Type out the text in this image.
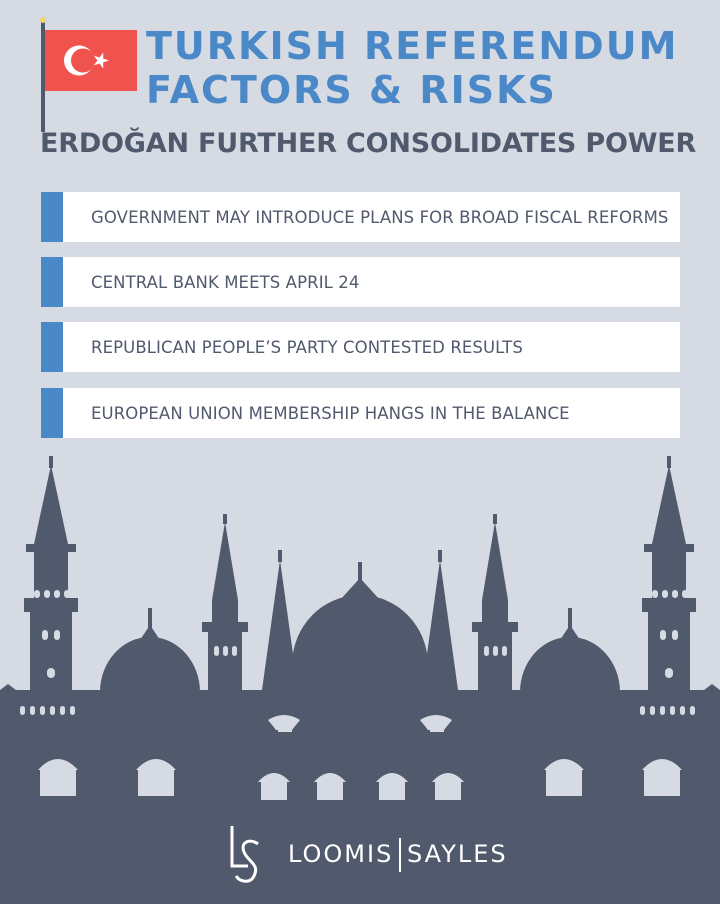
TURKISH REFERENDUM
FACTORS & RISKS
ERDOĞAN FURTHER CONSOLIDATES POWER
GOVERNMENT MAY INTRODUCE PLANS FOR BROAD FISCAL REFORMS
CENTRAL BANK MEETS APRIL 24
REPUBLICAN PEOPLE’S PARTY CONTESTED RESULTS
EUROPEAN UNION MEMBERSHIP HANGS IN THE BALANCE
LOOMIS SAYLES
